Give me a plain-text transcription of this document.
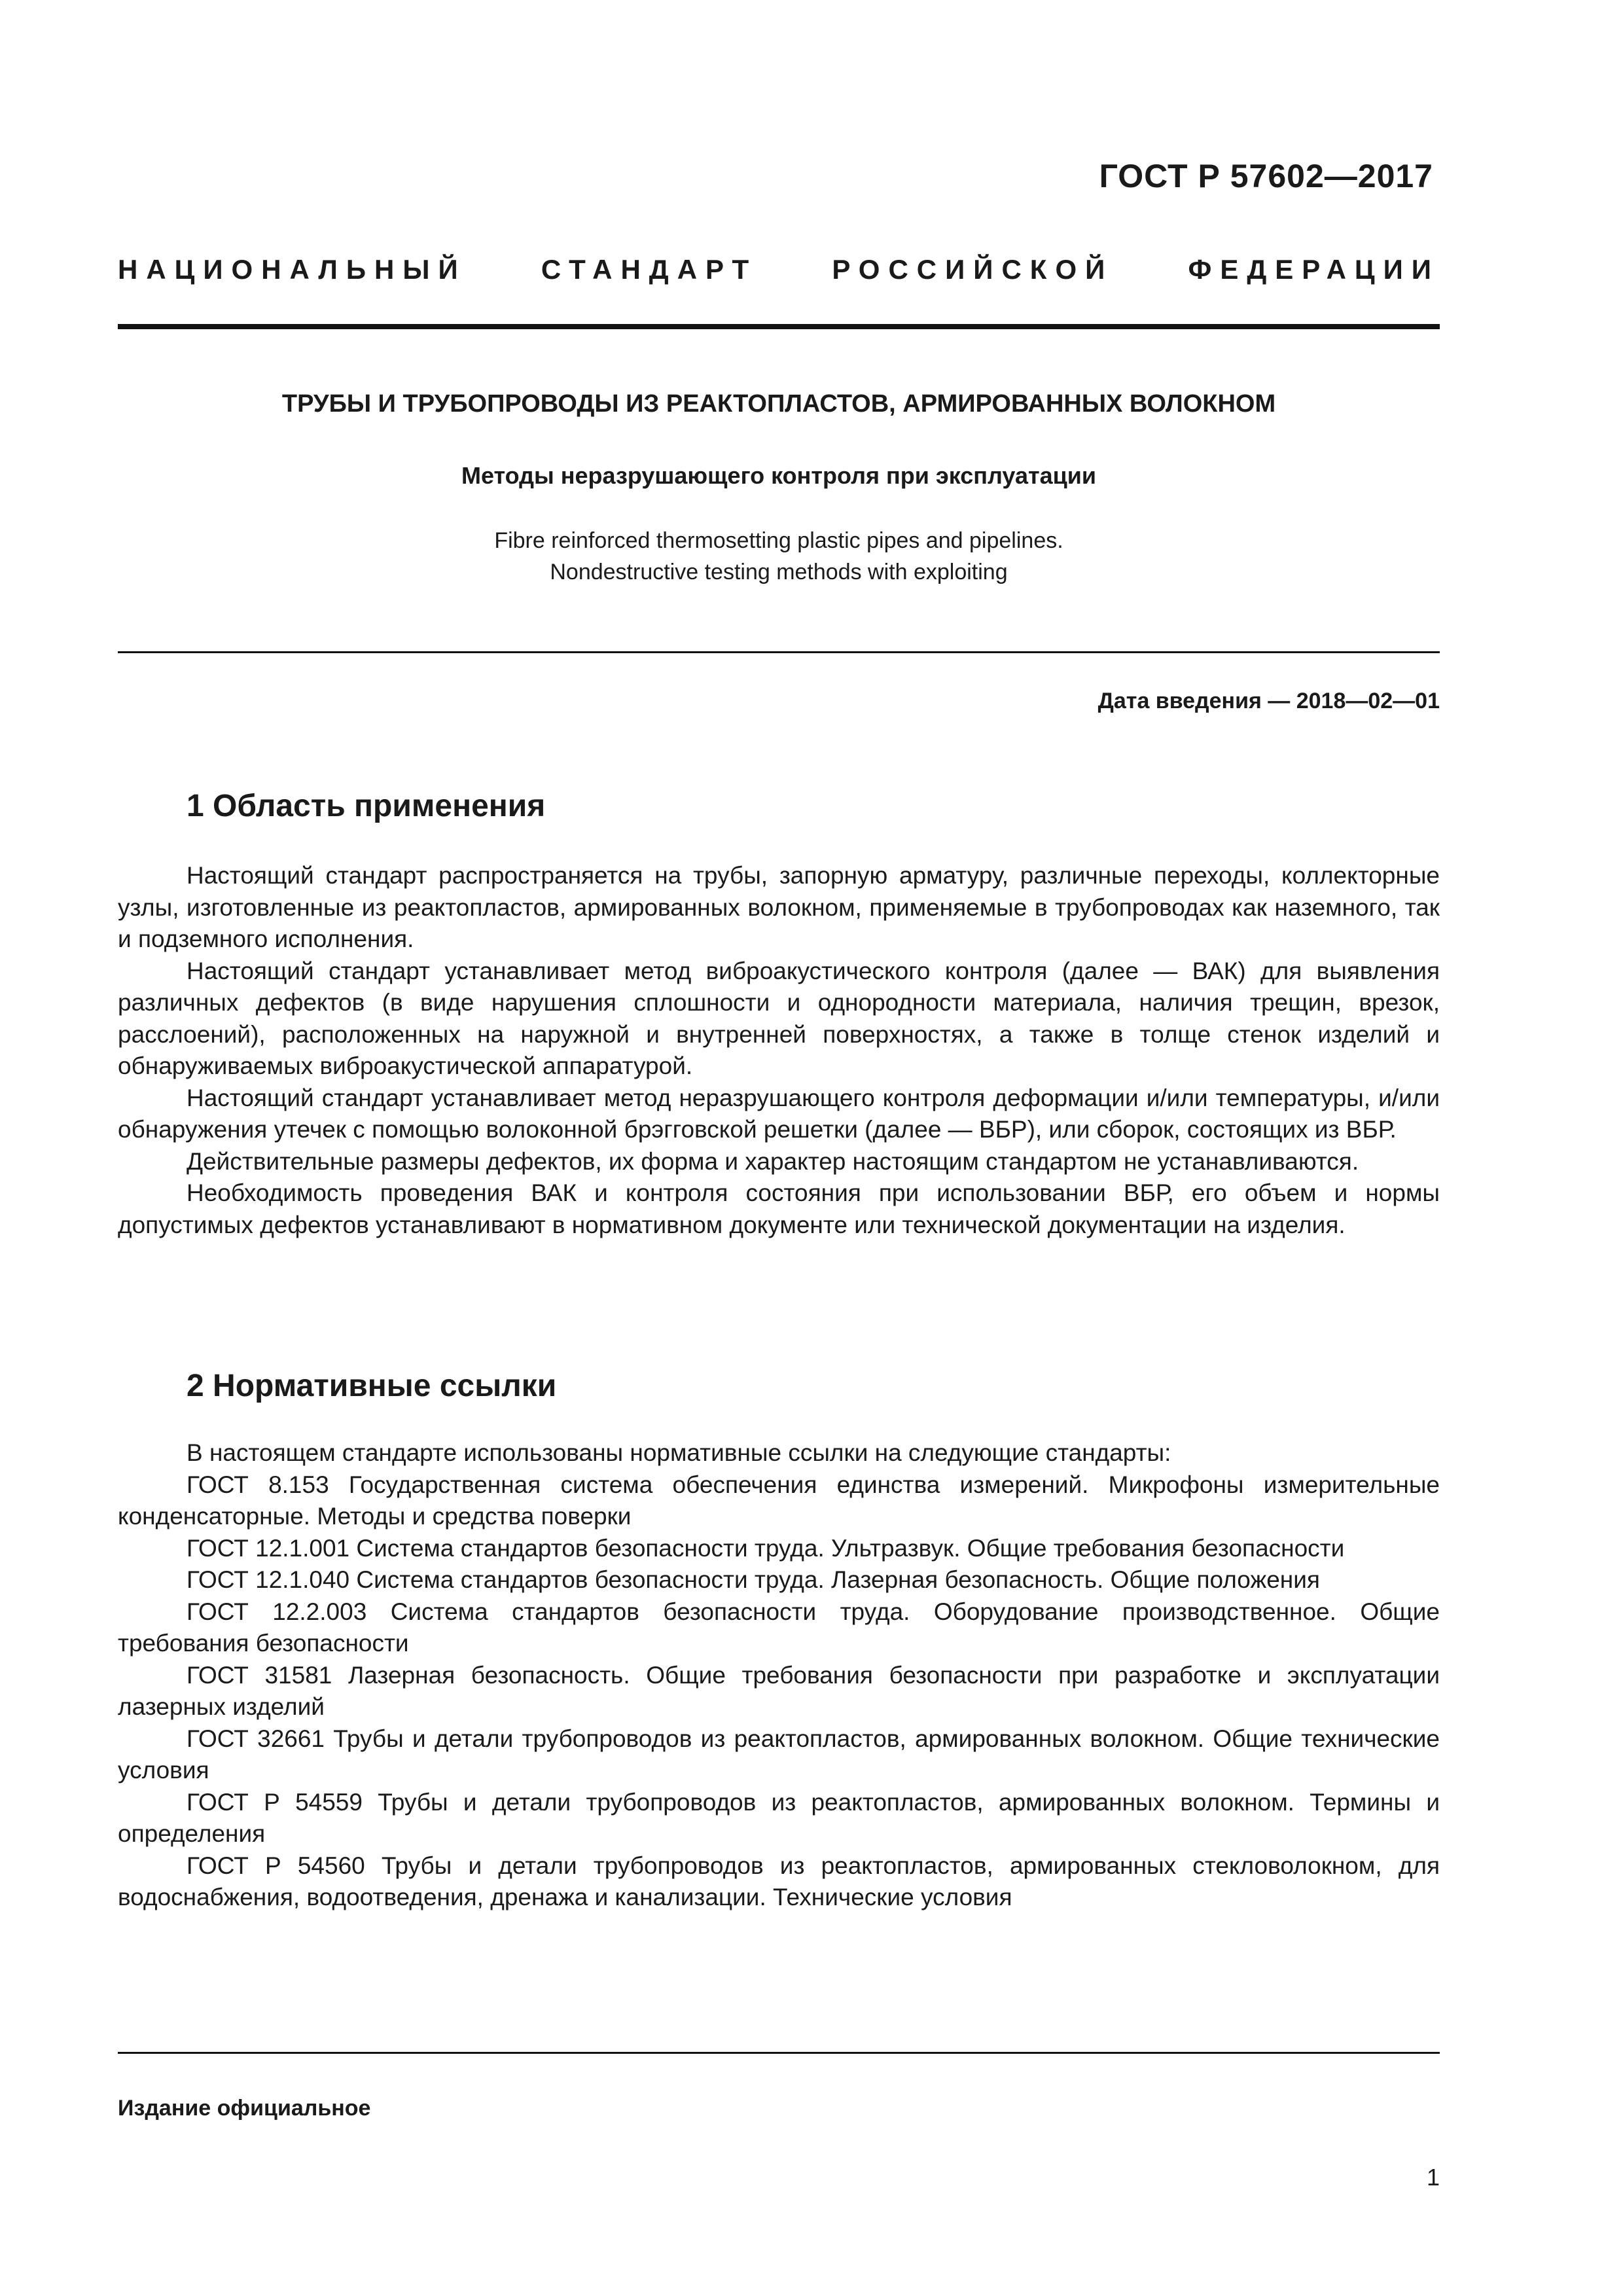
ГОСТ Р 57602—2017
НАЦИОНАЛЬНЫЙ	СТАНДАРТ	РОССИЙСКОЙ	ФЕДЕРАЦИИ
ТРУБЫ И ТРУБОПРОВОДЫ ИЗ РЕАКТОПЛАСТОВ, АРМИРОВАННЫХ ВОЛОКНОМ
Методы неразрушающего контроля при эксплуатации
Fibre reinforced thermosetting plastic pipes and pipelines.
Nondestructive testing methods with exploiting
Дата введения — 2018—02—01
1 Область применения

Настоящий стандарт распространяется на трубы, запорную арматуру, различные переходы, коллекторные узлы, изготовленные из реактопластов, армированных волокном, применяемые в трубопроводах как наземного, так и подземного исполнения.

Настоящий стандарт устанавливает метод виброакустического контроля (далее — ВАК) для выявления различных дефектов (в виде нарушения сплошности и однородности материала, наличия трещин, врезок, расслоений), расположенных на наружной и внутренней поверхностях, а также в толще стенок изделий и обнаруживаемых виброакустической аппаратурой.

Настоящий стандарт устанавливает метод неразрушающего контроля деформации и/или температуры, и/или обнаружения утечек с помощью волоконной брэгговской решетки (далее — ВБР), или сборок, состоящих из ВБР.

Действительные размеры дефектов, их форма и характер настоящим стандартом не устанавливаются.

Необходимость проведения ВАК и контроля состояния при использовании ВБР, его объем и нормы допустимых дефектов устанавливают в нормативном документе или технической документации на изделия.

2 Нормативные ссылки

В настоящем стандарте использованы нормативные ссылки на следующие стандарты:

ГОСТ 8.153 Государственная система обеспечения единства измерений. Микрофоны измерительные конденсаторные. Методы и средства поверки

ГОСТ 12.1.001 Система стандартов безопасности труда. Ультразвук. Общие требования безопасности

ГОСТ 12.1.040 Система стандартов безопасности труда. Лазерная безопасность. Общие положения

ГОСТ 12.2.003 Система стандартов безопасности труда. Оборудование производственное. Общие требования безопасности

ГОСТ 31581 Лазерная безопасность. Общие требования безопасности при разработке и эксплуатации лазерных изделий

ГОСТ 32661 Трубы и детали трубопроводов из реактопластов, армированных волокном. Общие технические условия

ГОСТ Р 54559 Трубы и детали трубопроводов из реактопластов, армированных волокном. Термины и определения

ГОСТ Р 54560 Трубы и детали трубопроводов из реактопластов, армированных стекловолокном, для водоснабжения, водоотведения, дренажа и канализации. Технические условия

Издание официальное
1
